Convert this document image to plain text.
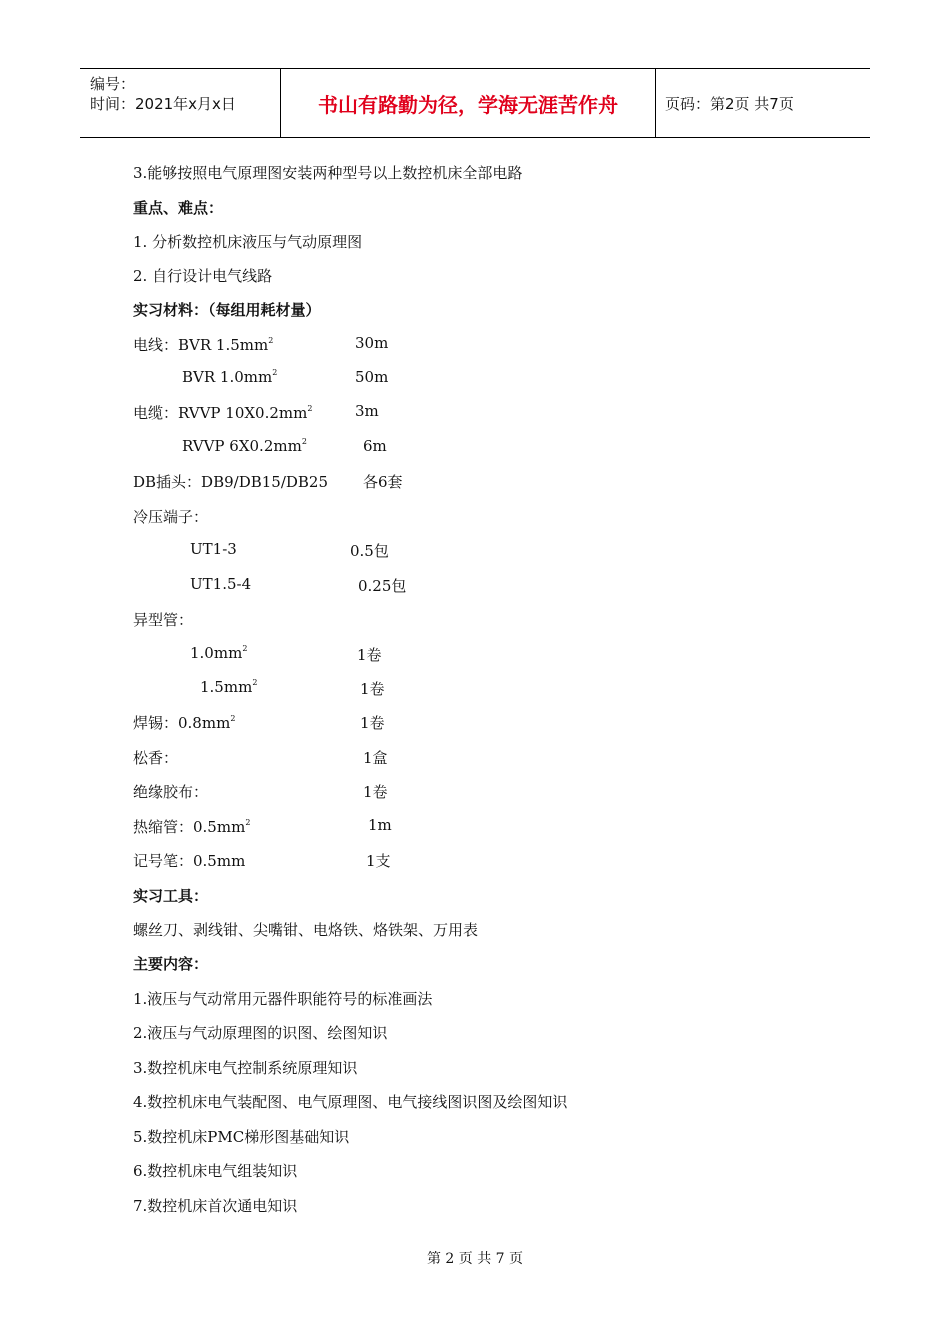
编号：
时间：2021年x月x日	书山有路勤为径，学海无涯苦作舟	页码：第2页 共7页
3.能够按照电气原理图安装两种型号以上数控机床全部电路
重点、难点：
1. 分析数控机床液压与气动原理图
2. 自行设计电气线路
实习材料：（每组用耗材量）
电线：BVR $1.5mm^2$	30m
BVR $1.0mm^2$	50m
电缆：RVVP $10X0.2mm^2$	3m
RVVP $6X0.2mm^2$	6m
DB插头：DB9/DB15/DB25 各6套
冷压端子：
UT1-3	0.5包
UT1.5-4	0.25包
异型管：
$1.0mm^2$	1卷
$1.5mm^2$	1卷
焊锡：$0.8mm^2$	1卷
松香：	1盒
绝缘胶布：	1卷
热缩管：$0.5mm^2$	1m
记号笔：0.5mm	1支
实习工具：
螺丝刀、剥线钳、尖嘴钳、电烙铁、烙铁架、万用表
主要内容：
1.液压与气动常用元器件职能符号的标准画法
2.液压与气动原理图的识图、绘图知识
3.数控机床电气控制系统原理知识
4.数控机床电气装配图、电气原理图、电气接线图识图及绘图知识
5.数控机床PMC梯形图基础知识
6.数控机床电气组装知识
7.数控机床首次通电知识
第 2 页 共 7 页
